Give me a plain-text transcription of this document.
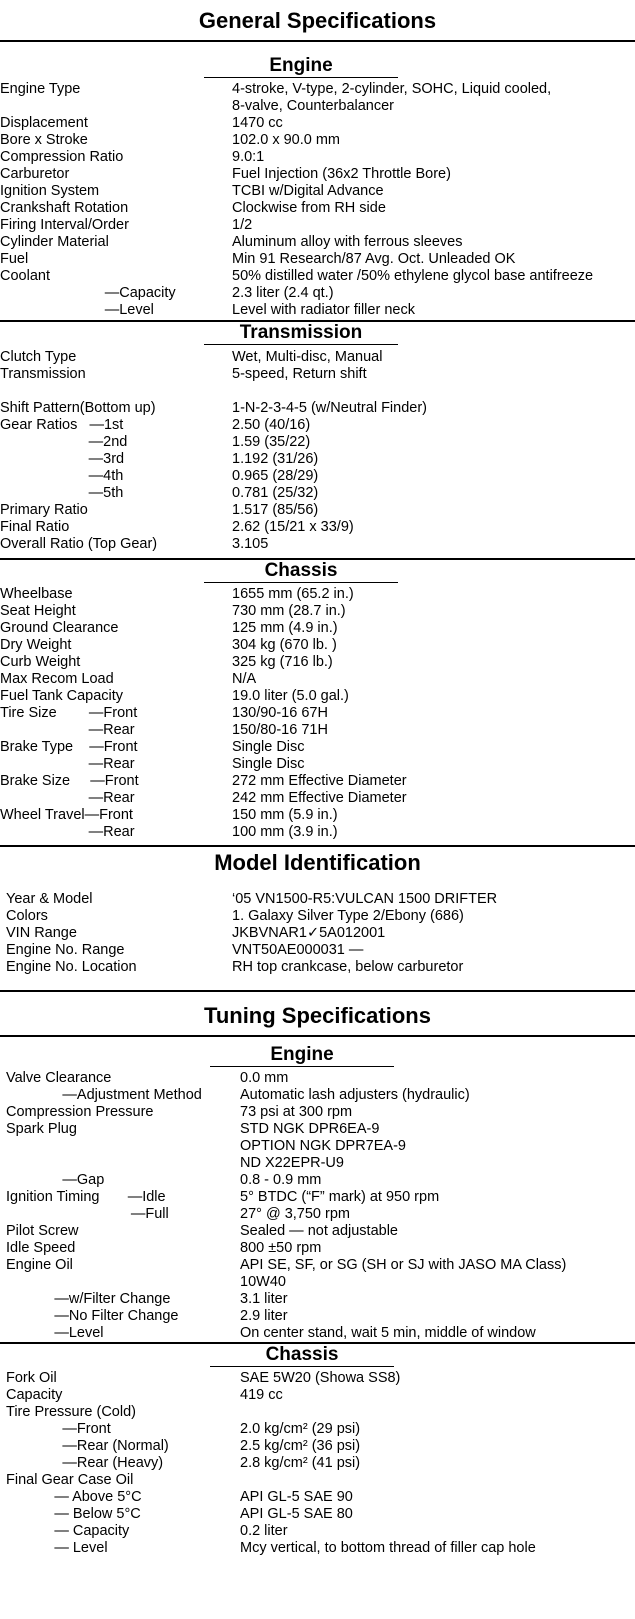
General Specifications
Engine
Engine Type	4-stroke, V-type, 2-cylinder, SOHC, Liquid cooled,
8-valve, Counterbalancer
Displacement	1470 cc
Bore x Stroke	102.0 x 90.0 mm
Compression Ratio	9.0:1
Carburetor	Fuel Injection (36x2 Throttle Bore)
Ignition System	TCBI w/Digital Advance
Crankshaft Rotation	Clockwise from RH side
Firing Interval/Order	1/2
Cylinder Material	Aluminum alloy with ferrous sleeves
Fuel	Min 91 Research/87 Avg. Oct. Unleaded OK
Coolant	50% distilled water /50% ethylene glycol base antifreeze
—Capacity	2.3 liter (2.4 qt.)
—Level	Level with radiator filler neck
Transmission
Clutch Type	Wet, Multi-disc, Manual
Transmission	5-speed, Return shift
Shift Pattern(Bottom up)	1-N-2-3-4-5 (w/Neutral Finder)
Gear Ratios   —1st	2.50 (40/16)
—2nd	1.59 (35/22)
—3rd	1.192 (31/26)
—4th	0.965 (28/29)
—5th	0.781 (25/32)
Primary Ratio	1.517 (85/56)
Final Ratio	2.62 (15/21 x 33/9)
Overall Ratio (Top Gear)	3.105
Chassis
Wheelbase	1655 mm (65.2 in.)
Seat Height	730 mm (28.7 in.)
Ground Clearance	125 mm (4.9 in.)
Dry Weight	304 kg (670 lb. )
Curb Weight	325 kg (716 lb.)
Max Recom Load	N/A
Fuel Tank Capacity	19.0 liter (5.0 gal.)
Tire Size        —Front	130/90-16 67H
—Rear	150/80-16 71H
Brake Type    —Front	Single Disc
—Rear	Single Disc
Brake Size     —Front	272 mm Effective Diameter
—Rear	242 mm Effective Diameter
Wheel Travel—Front	150 mm (5.9 in.)
—Rear	100 mm (3.9 in.)
Model Identification
Year & Model	‘05 VN1500-R5:VULCAN 1500 DRIFTER
Colors	1. Galaxy Silver Type 2/Ebony (686)
VIN Range	JKBVNAR1✓5A012001
Engine No. Range	VNT50AE000031 —
Engine No. Location	RH top crankcase, below carburetor
Tuning Specifications
Engine
Valve Clearance	0.0 mm
—Adjustment Method	Automatic lash adjusters (hydraulic)
Compression Pressure	73 psi at 300 rpm
Spark Plug	STD NGK DPR6EA-9
OPTION NGK DPR7EA-9
ND X22EPR-U9
—Gap	0.8 - 0.9 mm
Ignition Timing       —Idle	5° BTDC (“F” mark) at 950 rpm
—Full	27° @ 3,750 rpm
Pilot Screw	Sealed — not adjustable
Idle Speed	800 ±50 rpm
Engine Oil	API SE, SF, or SG (SH or SJ with JASO MA Class)
10W40
—w/Filter Change	3.1 liter
—No Filter Change	2.9 liter
—Level	On center stand, wait 5 min, middle of window
Chassis
Fork Oil	SAE 5W20 (Showa SS8)
Capacity	419 cc
Tire Pressure (Cold)
—Front	2.0 kg/cm² (29 psi)
—Rear (Normal)	2.5 kg/cm² (36 psi)
—Rear (Heavy)	2.8 kg/cm² (41 psi)
Final Gear Case Oil
— Above 5°C	API GL-5 SAE 90
— Below 5°C	API GL-5 SAE 80
— Capacity	0.2 liter
— Level	Mcy vertical, to bottom thread of filler cap hole
